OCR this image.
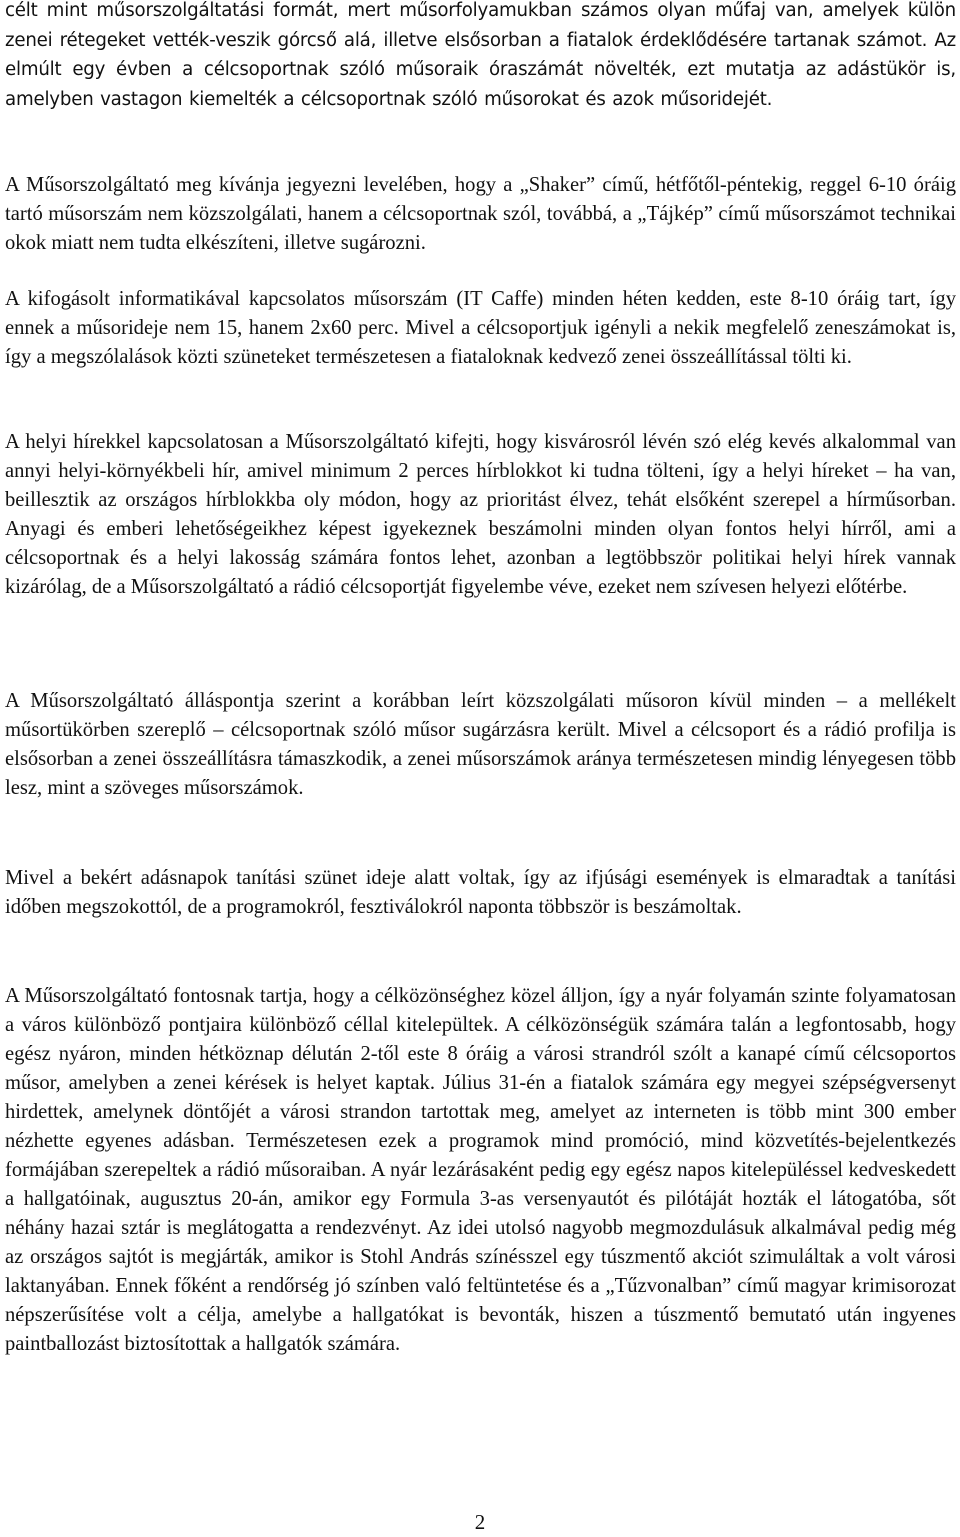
célt mint műsorszolgáltatási formát, mert műsorfolyamukban számos olyan műfaj van, amelyek külön zenei rétegeket vették-veszik górcső alá, illetve elsősorban a fiatalok érdeklődésére tartanak számot. Az elmúlt egy évben a célcsoportnak szóló műsoraik óraszámát növelték, ezt mutatja az adástükör is, amelyben vastagon kiemelték a célcsoportnak szóló műsorokat és azok műsoridejét.

A Műsorszolgáltató meg kívánja jegyezni levelében, hogy a „Shaker” című, hétfőtől-péntekig, reggel 6-10 óráig tartó műsorszám nem közszolgálati, hanem a célcsoportnak szól, továbbá, a „Tájkép” című műsorszámot technikai okok miatt nem tudta elkészíteni, illetve sugározni.

A kifogásolt informatikával kapcsolatos műsorszám (IT Caffe) minden héten kedden, este 8-10 óráig tart, így ennek a műsorideje nem 15, hanem 2x60 perc. Mivel a célcsoportjuk igényli a nekik megfelelő zeneszámokat is, így a megszólalások közti szüneteket természetesen a fiataloknak kedvező zenei összeállítással tölti ki.

A helyi hírekkel kapcsolatosan a Műsorszolgáltató kifejti, hogy kisvárosról lévén szó elég kevés alkalommal van annyi helyi-környékbeli hír, amivel minimum 2 perces hírblokkot ki tudna tölteni, így a helyi híreket – ha van, beillesztik az országos hírblokkba oly módon, hogy az prioritást élvez, tehát elsőként szerepel a hírműsorban. Anyagi és emberi lehetőségeikhez képest igyekeznek beszámolni minden olyan fontos helyi hírről, ami a célcsoportnak és a helyi lakosság számára fontos lehet, azonban a legtöbbször politikai helyi hírek vannak kizárólag, de a Műsorszolgáltató a rádió célcsoportját figyelembe véve, ezeket nem szívesen helyezi előtérbe.

A Műsorszolgáltató álláspontja szerint a korábban leírt közszolgálati műsoron kívül minden – a mellékelt műsortükörben szereplő – célcsoportnak szóló műsor sugárzásra került. Mivel a célcsoport és a rádió profilja is elsősorban a zenei összeállításra támaszkodik, a zenei műsorszámok aránya természetesen mindig lényegesen több lesz, mint a szöveges műsorszámok.

Mivel a bekért adásnapok tanítási szünet ideje alatt voltak, így az ifjúsági események is elmaradtak a tanítási időben megszokottól, de a programokról, fesztiválokról naponta többször is beszámoltak.

A Műsorszolgáltató fontosnak tartja, hogy a célközönséghez közel álljon, így a nyár folyamán szinte folyamatosan a város különböző pontjaira különböző céllal kitelepültek. A célközönségük számára talán a legfontosabb, hogy egész nyáron, minden hétköznap délután 2-től este 8 óráig a városi strandról szólt a kanapé című célcsoportos műsor, amelyben a zenei kérések is helyet kaptak. Július 31-én a fiatalok számára egy megyei szépségversenyt hirdettek, amelynek döntőjét a városi strandon tartottak meg, amelyet az interneten is több mint 300 ember nézhette egyenes adásban. Természetesen ezek a programok mind promóció, mind közvetítés-bejelentkezés formájában szerepeltek a rádió műsoraiban. A nyár lezárásaként pedig egy egész napos kitelepüléssel kedveskedett a hallgatóinak, augusztus 20-án, amikor egy Formula 3-as versenyautót és pilótáját hozták el látogatóba, sőt néhány hazai sztár is meglátogatta a rendezvényt. Az idei utolsó nagyobb megmozdulásuk alkalmával pedig még az országos sajtót is megjárták, amikor is Stohl András színésszel egy túszmentő akciót szimuláltak a volt városi laktanyában. Ennek főként a rendőrség jó színben való feltüntetése és a „Tűzvonalban” című magyar krimisorozat népszerűsítése volt a célja, amelybe a hallgatókat is bevonták, hiszen a túszmentő bemutató után ingyenes paintballozást biztosítottak a hallgatók számára.

2
